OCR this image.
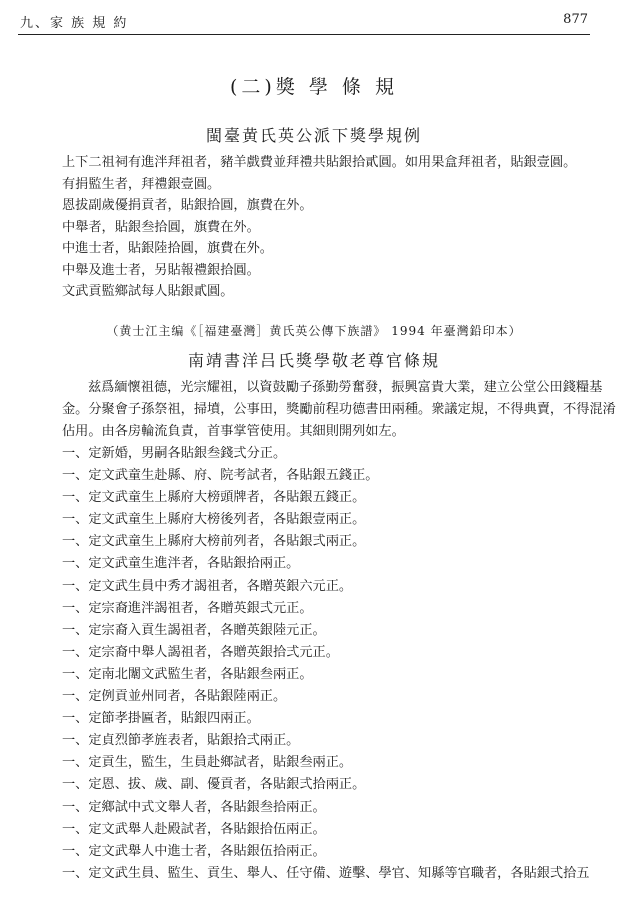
九、家 族 規 約	877
(二)獎 學 條 規
閩臺黄氏英公派下獎學規例
上下二祖祠有進泮拜祖者，豬羊戲費並拜禮共貼銀拾貳圓。如用果盒拜祖者，貼銀壹圓。
有捐監生者，拜禮銀壹圓。
恩拔副歲優捐貢者，貼銀拾圓，旗費在外。
中舉者，貼銀叁拾圓，旗費在外。
中進士者，貼銀陸拾圓，旗費在外。
中舉及進士者，另貼報禮銀拾圓。
文武貢監鄉試每人貼銀貳圓。
（黄士江主编《［福建臺灣］黄氏英公傳下族譜》 1994 年臺灣鉛印本）
南靖書洋吕氏獎學敬老尊官條規
兹爲緬懷祖德，光宗耀祖，以資鼓勵子孫勤勞奮發，振興富貴大業，建立公堂公田錢糧基
金。分聚會子孫祭祖，掃墳，公事田，獎勵前程功德書田兩種。衆議定規，不得典賣，不得混淆
佔用。由各房輪流負責，首事掌管使用。其細則開列如左。
一、定新婚，男嗣各貼銀叁錢弍分正。
一、定文武童生赴縣、府、院考試者，各貼銀五錢正。
一、定文武童生上縣府大榜頭牌者，各貼銀五錢正。
一、定文武童生上縣府大榜後列者，各貼銀壹兩正。
一、定文武童生上縣府大榜前列者，各貼銀弍兩正。
一、定文武童生進泮者，各貼銀拾兩正。
一、定文武生員中秀才謁祖者，各贈英銀六元正。
一、定宗裔進泮謁祖者，各贈英銀弍元正。
一、定宗裔入貢生謁祖者，各贈英銀陸元正。
一、定宗裔中舉人謁祖者，各贈英銀拾弍元正。
一、定南北闈文武監生者，各貼銀叁兩正。
一、定例貢並州同者，各貼銀陸兩正。
一、定節孝掛匾者，貼銀四兩正。
一、定貞烈節孝旌表者，貼銀拾弍兩正。
一、定貢生，監生，生員赴鄉試者，貼銀叁兩正。
一、定恩、拔、歲、副、優貢者，各貼銀弍拾兩正。
一、定鄉試中式文舉人者，各貼銀叁拾兩正。
一、定文武舉人赴殿試者，各貼銀拾伍兩正。
一、定文武舉人中進士者，各貼銀伍拾兩正。
一、定文武生員、監生、貢生、舉人、任守備、遊擊、學官、知縣等官職者，各貼銀弍拾五
